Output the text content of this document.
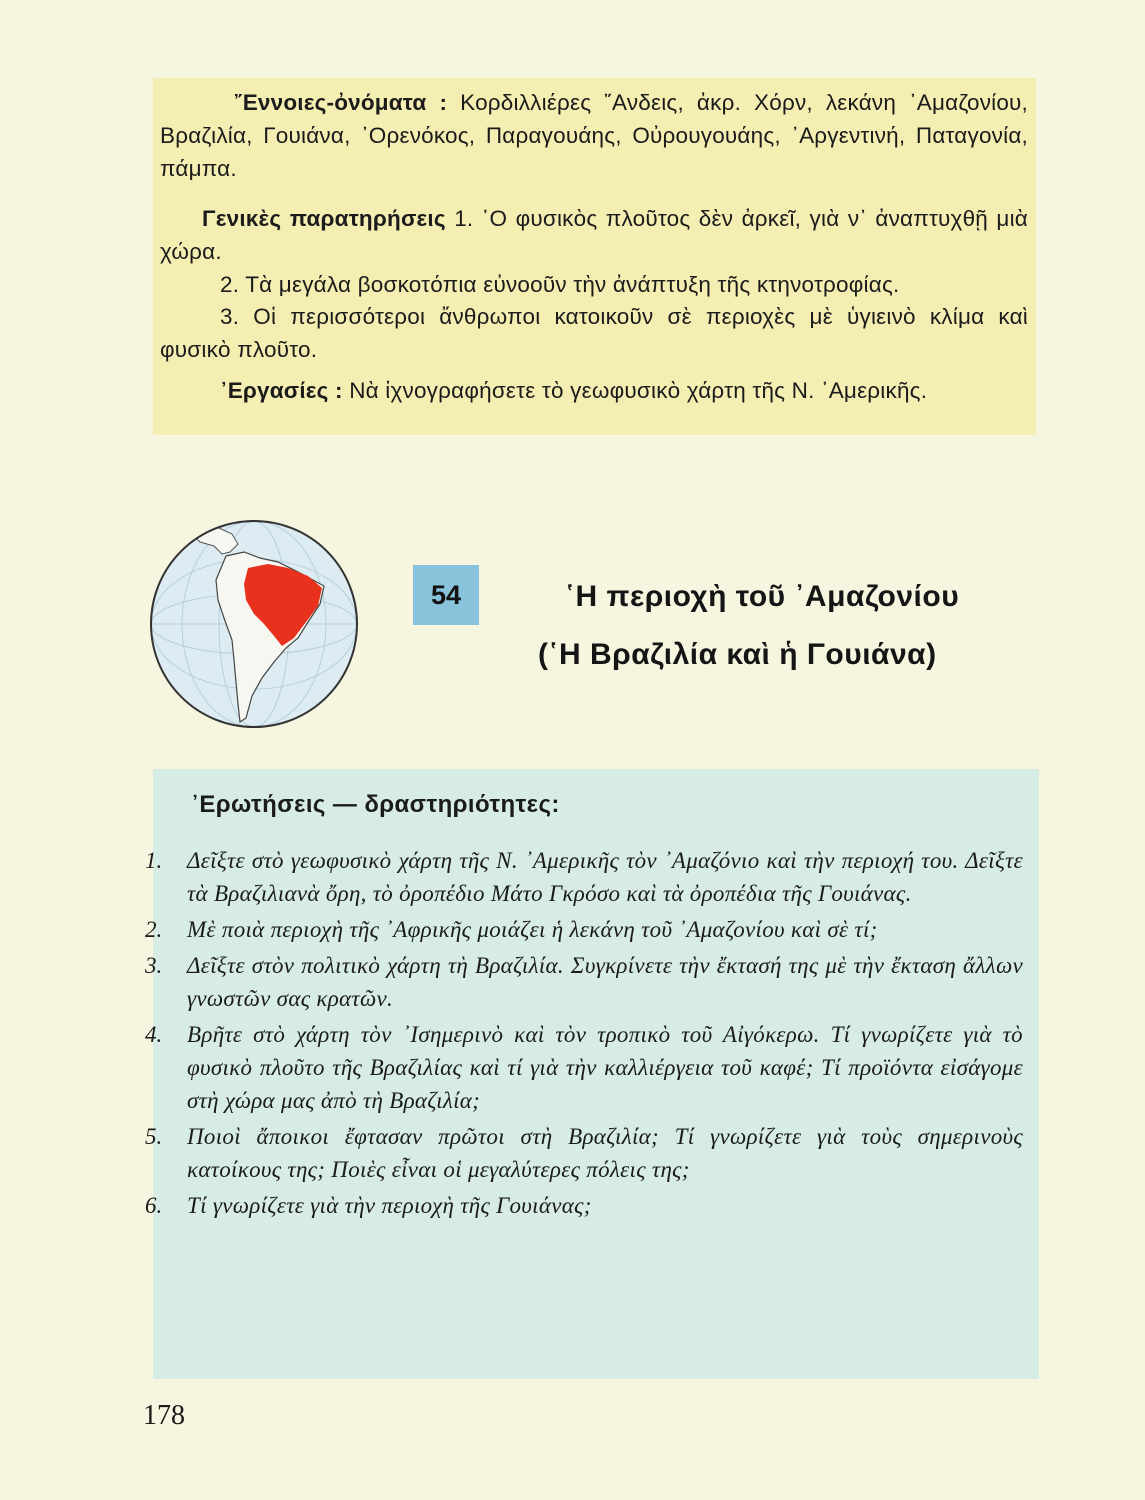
῎Εννοιες-ὀνόματα : Κορδιλλιέρες ῎Ανδεις, ἀκρ. Χόρν, λεκάνη ᾿Αμαζονίου, Βραζιλία, Γουιάνα, ᾿Ορενόκος, Παραγουάης, Οὐρουγουάης, ᾿Αργεντινή, Παταγονία, πάμπα.
Γενικὲς παρατηρήσεις 1. ῾Ο φυσικὸς πλοῦτος δὲν ἀρκεῖ, γιὰ ν᾿ ἀναπτυχθῇ μιὰ χώρα.
2. Τὰ μεγάλα βοσκοτόπια εὐνοοῦν τὴν ἀνάπτυξη τῆς κτηνοτροφίας.
3. Οἱ περισσότεροι ἄνθρωποι κατοικοῦν σὲ περιοχὲς μὲ ὑγιεινὸ κλίμα καὶ φυσικὸ πλοῦτο.
᾿Εργασίες : Νὰ ἰχνογραφήσετε τὸ γεωφυσικὸ χάρτη τῆς Ν. ᾿Αμερικῆς.
54	῾Η περιοχὴ τοῦ ᾿Αμαζονίου
(῾Η Βραζιλία καὶ ἡ Γουιάνα)
᾿Ερωτήσεις — δραστηριότητες:
1. Δεῖξτε στὸ γεωφυσικὸ χάρτη τῆς Ν. ᾿Αμερικῆς τὸν ᾿Αμαζόνιο καὶ τὴν περιοχή του. Δεῖξτε τὰ Βραζιλιανὰ ὄρη, τὸ ὀροπέδιο Μάτο Γκρόσο καὶ τὰ ὀροπέδια τῆς Γουιάνας.
2. Μὲ ποιὰ περιοχὴ τῆς ᾿Αφρικῆς μοιάζει ἡ λεκάνη τοῦ ᾿Αμαζονίου καὶ σὲ τί;
3. Δεῖξτε στὸν πολιτικὸ χάρτη τὴ Βραζιλία. Συγκρίνετε τὴν ἔκτασή της μὲ τὴν ἔκταση ἄλλων γνωστῶν σας κρατῶν.
4. Βρῆτε στὸ χάρτη τὸν ᾿Ισημερινὸ καὶ τὸν τροπικὸ τοῦ Αἰγόκερω. Τί γνωρίζετε γιὰ τὸ φυσικὸ πλοῦτο τῆς Βραζιλίας καὶ τί γιὰ τὴν καλλιέργεια τοῦ καφέ; Τί προϊόντα εἰσάγομε στὴ χώρα μας ἀπὸ τὴ Βραζιλία;
5. Ποιοὶ ἄποικοι ἔφτασαν πρῶτοι στὴ Βραζιλία; Τί γνωρίζετε γιὰ τοὺς σημερινοὺς κατοίκους της; Ποιὲς εἶναι οἱ μεγαλύτερες πόλεις της;
6. Τί γνωρίζετε γιὰ τὴν περιοχὴ τῆς Γουιάνας;
178
